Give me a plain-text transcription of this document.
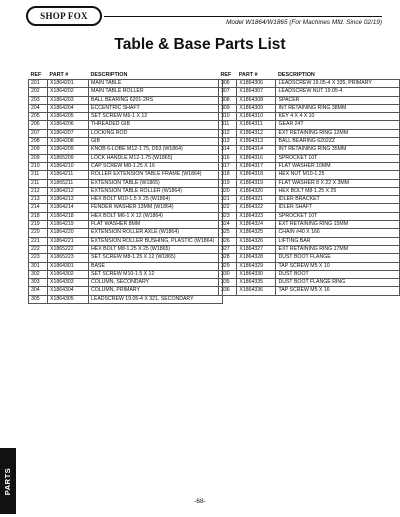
SHOP FOX
Model W1864/W1865 (For Machines Mfd. Since 02/19)
Table & Base Parts List
REF	PART #	DESCRIPTION
201	X1864201	MAIN TABLE
202	X1864202	MAIN TABLE ROLLER
203	X1864203	BALL BEARING 6201-2RS
204	X1864204	ECCENTRIC SHAFT
205	X1864205	SET SCREW M6-1 X 12
206	X1864206	THREADED GIB
207	X1864207	LOCKING ROD
208	X1864208	GIB
209	X1864209	KNOB 6-LOBE M12-1.75, D53 (W1864)
209	X1865209	LOCK HANDLE M12-1.75 (W1865)
210	X1864210	CAP SCREW M8-1.25 X 16
211	X1864211	ROLLER EXTENSION TABLE FRAME (W1864)
211	X1865211	EXTENSION TABLE (W1865)
212	X1864212	EXTENSION TABLE ROLLER (W1864)
213	X1864213	HEX BOLT M10-1.5 X 25 (W1864)
214	X1864214	FENDER WASHER 13MM (W1864)
218	X1864218	HEX BOLT M6-1 X 12 (W1864)
219	X1864219	FLAT WASHER 8MM
220	X1864220	EXTENSION ROLLER AXLE (W1864)
221	X1864221	EXTENSION ROLLER BUSHING, PLASTIC (W1864)
222	X1865222	HEX BOLT M8-1.25 X 25 (W1865)
223	X1865223	SET SCREW M8-1.25 X 12 (W1865)
301	X1864301	BASE
302	X1864302	SET SCREW M10-1.5 X 12
303	X1864303	COLUMN, SECONDARY
304	X1864304	COLUMN, PRIMARY
305	X1864305	LEADSCREW 19.05-4 X 321, SECONDARY
REF	PART #	DESCRIPTION
306	X1864306	LEADSCREW 19.05-4 X 335, PRIMARY
307	X1864307	LEADSCREW NUT 19.05-4
308	X1864308	SPACER
309	X1864309	INT RETAINING RING 38MM
310	X1864310	KEY 4 X 4 X 10
311	X1864311	GEAR 24T
312	X1864312	EXT RETAINING RING 12MM
313	X1864313	BALL BEARING 6202ZZ
314	X1864314	INT RETAINING RING 35MM
316	X1864316	SPROCKET 10T
317	X1864317	FLAT WASHER 10MM
318	X1864318	HEX NUT M10-1.25
319	X1864319	FLAT WASHER 8 X 22 X 3MM
320	X1864320	HEX BOLT M8-1.25 X 25
321	X1864321	IDLER BRACKET
322	X1864322	IDLER SHAFT
323	X1864323	SPROCKET 10T
324	X1864324	EXT RETAINING RING 15MM
325	X1864325	CHAIN #40 X 166
326	X1864326	LIFTING BAR
327	X1864327	EXT RETAINING RING 17MM
328	X1864328	DUST BOOT FLANGE
329	X1864329	TAP SCREW M5 X 10
330	X1864330	DUST BOOT
335	X1864335	DUST BOOT FLANGE RING
336	X1864336	TAP SCREW M5 X 16
PARTS
-68-
